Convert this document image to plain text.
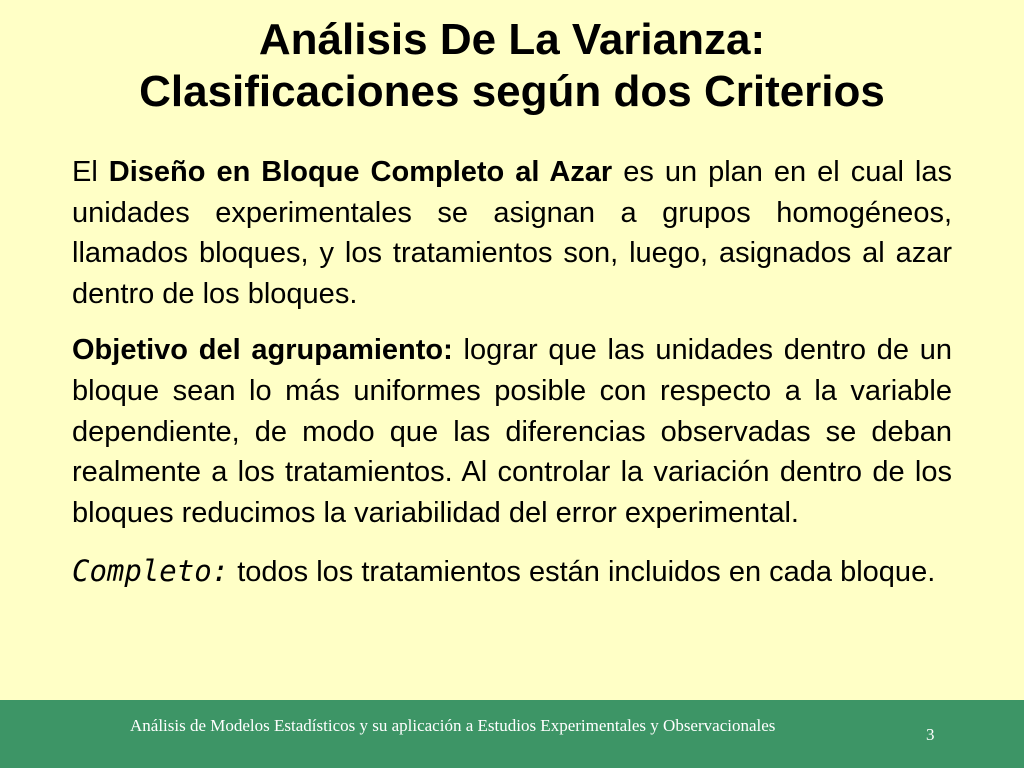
Análisis De La Varianza:
Clasificaciones según dos Criterios

El Diseño en Bloque Completo al Azar es un plan en el cual las unidades experimentales se asignan a grupos homogéneos, llamados bloques, y los tratamientos son, luego, asignados al azar dentro de los bloques.

Objetivo del agrupamiento: lograr que las unidades dentro de un bloque sean lo más uniformes posible con respecto a la variable dependiente, de modo que las diferencias observadas se deban realmente a los tratamientos. Al controlar la variación dentro de los bloques reducimos la variabilidad del error experimental.

Completo: todos los tratamientos están incluidos en cada bloque.

Análisis de Modelos Estadísticos y su aplicación a Estudios Experimentales y Observacionales	3
